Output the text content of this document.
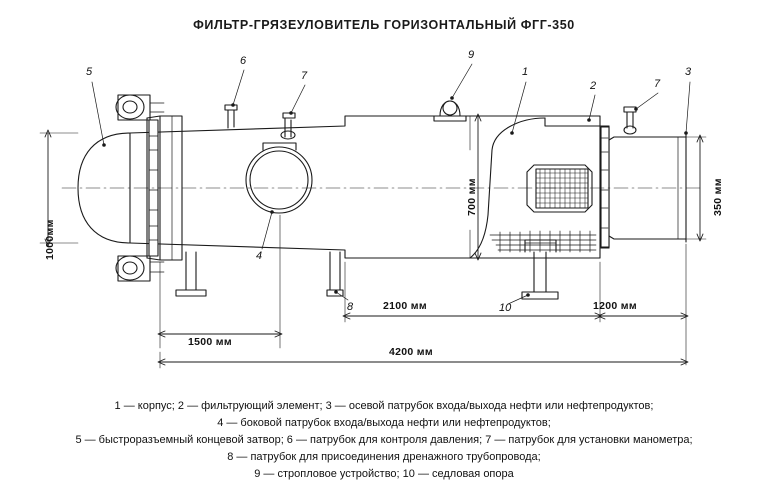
ФИЛЬТР-ГРЯЗЕУЛОВИТЕЛЬ ГОРИЗОНТАЛЬНЫЙ ФГГ-350
5
6
7
9
1
2	7
3
4
8	10
1000мм
700 мм	350 мм
1500 мм
2100 мм	1200 мм
4200 мм
1 — корпус; 2 — фильтрующий элемент; 3 — осевой патрубок входа/выхода нефти или нефтепродуктов;
4 — боковой патрубок входа/выхода нефти или нефтепродуктов;
5 — быстроразъемный концевой затвор; 6 — патрубок для контроля давления; 7 — патрубок для установки манометра;
8 — патрубок для присоединения дренажного трубопровода;
9 — стропловое устройство; 10 — седловая опора
